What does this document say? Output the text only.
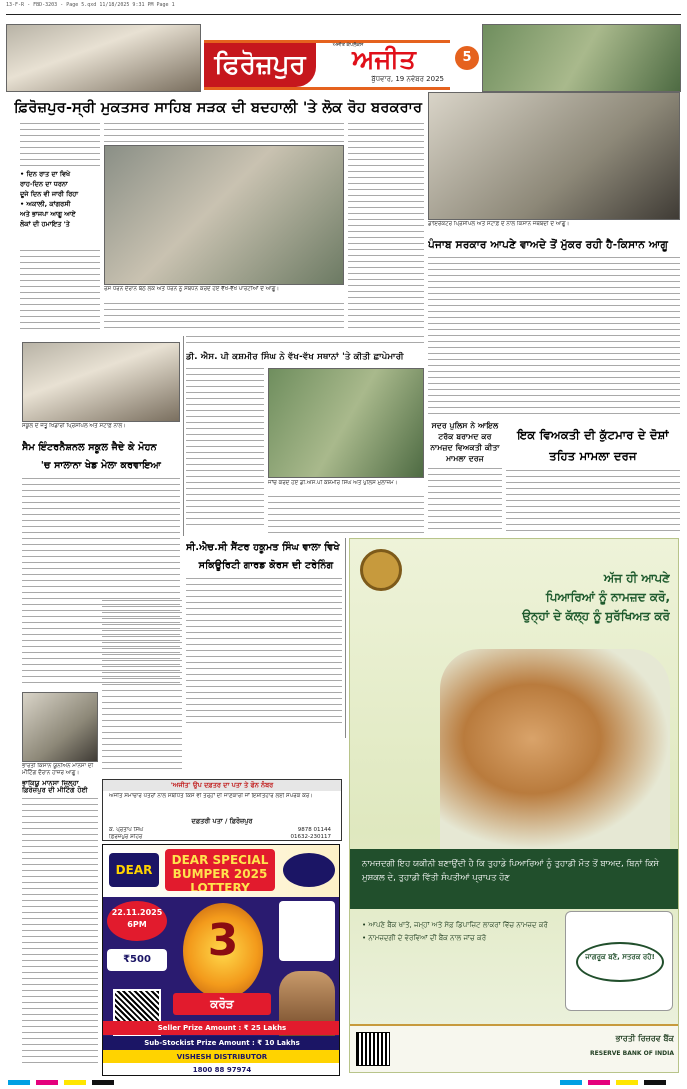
13-F-R - FBD-3203 - Page 5.qxd 11/18/2025 9:31 PM Page 1
ਫਿਰੋਜ਼ਪੁਰ	ਅਜੀਤ
ਬੁੱਧਵਾਰ, 19 ਨਵੰਬਰ 2025
ਅਜੀਤ ਕੰਪਲੈਕਸ
5
ਫ਼ਿਰੋਜ਼ਪੁਰ-ਸ੍ਰੀ ਮੁਕਤਸਰ ਸਾਹਿਬ ਸੜਕ ਦੀ ਬਦਹਾਲੀ 'ਤੇ ਲੋਕ ਰੋਹ ਬਰਕਰਾਰ
• ਦਿਨ ਰਾਤ ਦਾ ਵਿਖੇ
ਰਾਹ-ਦਿਨ ਦਾ ਧਰਨਾ
ਦੂਜੇ ਦਿਨ ਵੀ ਜਾਰੀ ਰਿਹਾ
• ਅਕਾਲੀ, ਕਾਂਗਰਸੀ
ਅਤੇ ਭਾਜਪਾ ਆਗੂ ਆਏ
ਲੋਕਾਂ ਦੀ ਹਮਾਇਤ 'ਤੇ
ਰੋਸ ਧਰਨੇ ਦੌਰਾਨ ਬੈਠੇ ਲੋਕ ਅਤੇ ਧਰਨੇ ਨੂੰ ਸੰਬੋਧਨ ਕਰਦੇ ਹੋਏ ਵੱਖ-ਵੱਖ ਪਾਰਟੀਆਂ ਦੇ ਆਗੂ।
ਡਾਇਰੈਕਟਰ ਪ੍ਰਿੰਸੀਪਲ ਅਤੇ ਸਟਾਫ਼ ਦੇ ਨਾਲ ਕਿਸਾਨ ਜਥੇਬੰਦੀ ਦੇ ਆਗੂ।
ਪੰਜਾਬ ਸਰਕਾਰ ਆਪਣੇ ਵਾਅਦੇ ਤੋਂ ਮੁੱਕਰ ਰਹੀ ਹੈ-ਕਿਸਾਨ ਆਗੂ
ਸਕੂਲ ਦੇ ਜੇਤੂ ਖਿਡਾਰੀ ਪ੍ਰਿੰਸੀਪਲ ਅਤੇ ਸਟਾਫ਼ ਨਾਲ।
ਸੈਮ ਇੰਟਰਨੈਸ਼ਨਲ ਸਕੂਲ ਜੈਦੇ ਕੇ ਮੋਹਨ
'ਚ ਸਾਲਾਨਾ ਖੇਡ ਮੇਲਾ ਕਰਵਾਇਆ
ਡੀ. ਐਸ. ਪੀ ਕਸ਼ਮੀਰ ਸਿੰਘ ਨੇ ਵੱਖ-ਵੱਖ ਸਥਾਨਾਂ 'ਤੇ ਕੀਤੀ ਛਾਪੇਮਾਰੀ
ਜਾਂਚ ਕਰਦੇ ਹੋਏ ਡੀ.ਐਸ.ਪੀ ਕਸ਼ਮੀਰ ਸਿੰਘ ਅਤੇ ਪੁਲਿਸ ਮੁਲਾਜ਼ਮ।
ਸਦਰ ਪੁਲਿਸ ਨੇ ਆਇਲ ਟਰੱਕ ਬਰਾਮਦ ਕਰ ਨਾਮਜ਼ਦ ਵਿਅਕਤੀ ਕੀਤਾ ਮਾਮਲਾ ਦਰਜ
ਇਕ ਵਿਅਕਤੀ ਦੀ ਕੁੱਟਮਾਰ ਦੇ ਦੋਸ਼ਾਂ ਤਹਿਤ ਮਾਮਲਾ ਦਰਜ
ਸੀ.ਐਚ.ਸੀ ਸੈਂਟਰ ਹਕੂਮਤ ਸਿੰਘ ਵਾਲਾ ਵਿਖੇ
ਸਕਿਊਰਿਟੀ ਗਾਰਡ ਕੋਰਸ ਦੀ ਟਰੇਨਿੰਗ
ਭਾਰਤੀ ਕਿਸਾਨ ਯੂਨੀਅਨ ਮਾਨਸਾ ਦੀ ਮੀਟਿੰਗ ਦੌਰਾਨ ਹਾਜ਼ਰ ਆਗੂ।
ਭਾਕਿਯੂ ਮਾਨਸਾ ਜ਼ਿਲ੍ਹਾ ਫ਼ਿਰੋਜ਼ਪੁਰ ਦੀ ਮੀਟਿੰਗ ਹੋਈ
'ਅਜੀਤ' ਉਪ ਦਫ਼ਤਰ ਦਾ ਪਤਾ ਤੇ ਫੋਨ ਨੰਬਰ
ਅਜੀਤ ਸਮਾਚਾਰ ਪੱਤਰਾਂ ਨਾਲ ਸਬੰਧਿਤ ਕਿਸੇ ਵੀ ਤਰ੍ਹਾਂ ਦੀ ਜਾਣਕਾਰੀ ਜਾਂ ਇਸ਼ਤਿਹਾਰ ਲਈ ਸੰਪਰਕ ਕਰੋ।
ਦਫ਼ਤਰੀ ਪਤਾ / ਫ਼ਿਰੋਜ਼ਪੁਰ
ਕ. ਪ੍ਰਤਾਪ ਸਿੰਘ	9878 01144
ਫ਼ਿਰੋਜ਼ਪੁਰ ਸ਼ਹਿਰ	01632-230117
DEAR
DEAR SPECIAL BUMPER 2025 LOTTERY
22.11.2025
6PM
₹500	3
ਕਰੋੜ
Seller Prize Amount : ₹ 25 Lakhs
Sub-Stockist Prize Amount : ₹ 10 Lakhs
VISHESH DISTRIBUTOR
1800 88 97974
ਅੱਜ ਹੀ ਆਪਣੇ
ਪਿਆਰਿਆਂ ਨੂੰ ਨਾਮਜ਼ਦ ਕਰੋ,
ਉਨ੍ਹਾਂ ਦੇ ਕੱਲ੍ਹ ਨੂੰ ਸੁਰੱਖਿਅਤ ਕਰੋ
ਨਾਮਜ਼ਦਗੀ ਇਹ ਯਕੀਨੀ ਬਣਾਉਂਦੀ ਹੈ ਕਿ ਤੁਹਾਡੇ ਪਿਆਰਿਆਂ ਨੂੰ ਤੁਹਾਡੀ ਮੌਤ ਤੋਂ ਬਾਅਦ, ਬਿਨਾਂ ਕਿਸੇ ਮੁਸ਼ਕਲ ਦੇ, ਤੁਹਾਡੀ ਵਿੱਤੀ ਸੰਪਤੀਆਂ ਪ੍ਰਾਪਤ ਹੋਣ
• ਆਪਣੇ ਬੈਂਕ ਖਾਤੇ, ਜਮ੍ਹਾਂ ਅਤੇ ਸੇਫ਼ ਡਿਪਾਜ਼ਿਟ ਲਾਕਰਾਂ ਵਿੱਚ ਨਾਮਜ਼ਦ ਕਰੋ
• ਨਾਮਜ਼ਦਗੀ ਦੇ ਵੇਰਵਿਆਂ ਦੀ ਬੈਂਕ ਨਾਲ ਜਾਂਚ ਕਰੋ
ਜਾਗਰੂਕ ਬਣੋ, ਸਤਰਕ ਰਹੋ!
ਭਾਰਤੀ ਰਿਜ਼ਰਵ ਬੈਂਕ
RESERVE BANK OF INDIA
